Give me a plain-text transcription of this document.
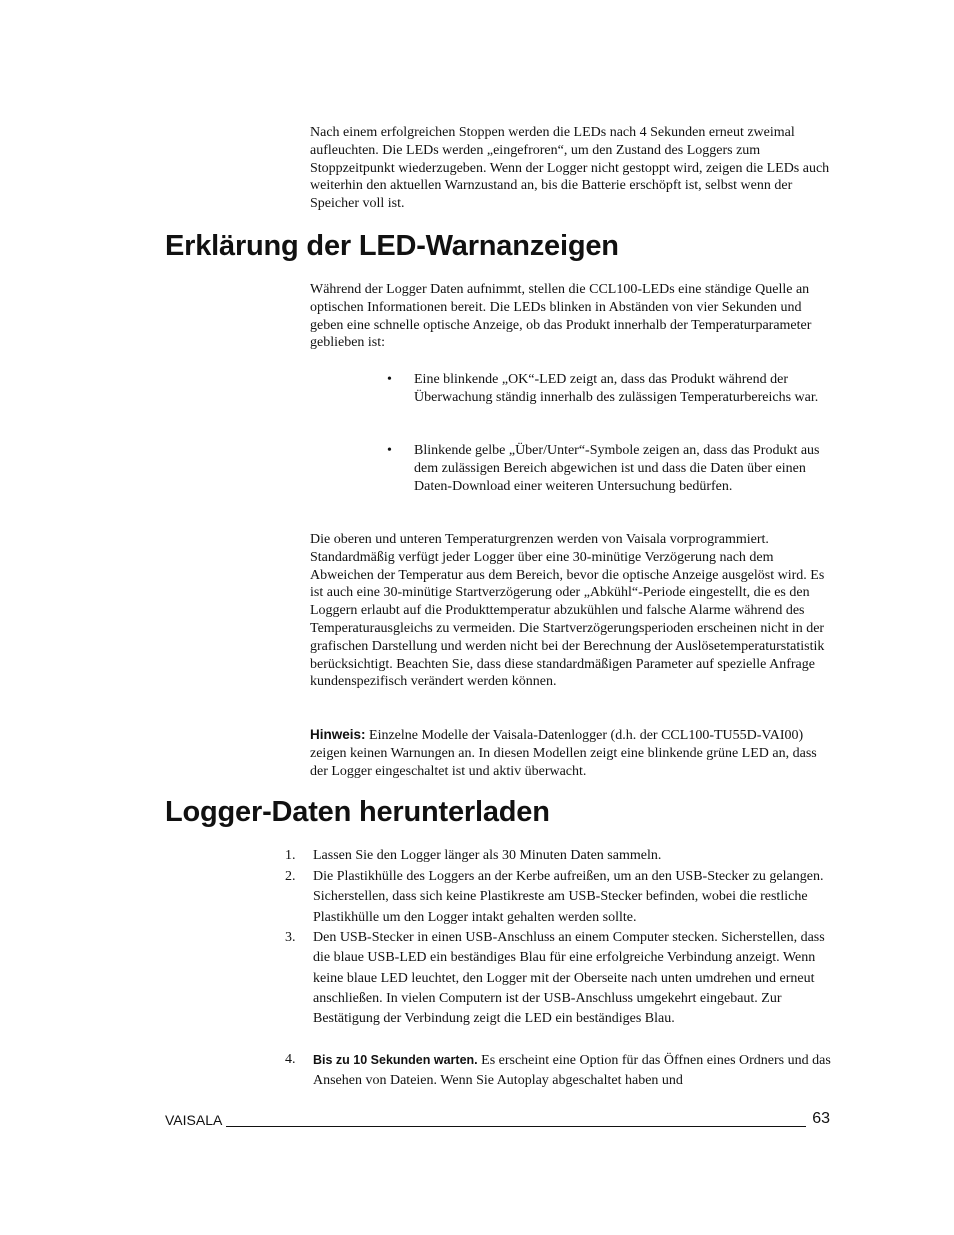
Nach einem erfolgreichen Stoppen werden die LEDs nach 4 Sekunden erneut zweimal aufleuchten. Die LEDs werden „eingefroren“, um den Zustand des Loggers zum Stoppzeitpunkt wiederzugeben. Wenn der Logger nicht gestoppt wird, zeigen die LEDs auch weiterhin den aktuellen Warnzustand an, bis die Batterie erschöpft ist, selbst wenn der Speicher voll ist.

Erklärung der LED-Warnanzeigen

Während der Logger Daten aufnimmt, stellen die CCL100-LEDs eine ständige Quelle an optischen Informationen bereit. Die LEDs blinken in Abständen von vier Sekunden und geben eine schnelle optische Anzeige, ob das Produkt innerhalb der Temperaturparameter geblieben ist:

• Eine blinkende „OK“-LED zeigt an, dass das Produkt während der Überwachung ständig innerhalb des zulässigen Temperaturbereichs war.
• Blinkende gelbe „Über/Unter“-Symbole zeigen an, dass das Produkt aus dem zulässigen Bereich abgewichen ist und dass die Daten über einen Daten-Download einer weiteren Untersuchung bedürfen.

Die oberen und unteren Temperaturgrenzen werden von Vaisala vorprogrammiert. Standardmäßig verfügt jeder Logger über eine 30-minütige Verzögerung nach dem Abweichen der Temperatur aus dem Bereich, bevor die optische Anzeige ausgelöst wird. Es ist auch eine 30-minütige Startverzögerung oder „Abkühl“-Periode eingestellt, die es den Loggern erlaubt auf die Produkttemperatur abzukühlen und falsche Alarme während des Temperaturausgleichs zu vermeiden. Die Startverzögerungsperioden erscheinen nicht in der grafischen Darstellung und werden nicht bei der Berechnung der Auslösetemperaturstatistik berücksichtigt. Beachten Sie, dass diese standardmäßigen Parameter auf spezielle Anfrage kundenspezifisch verändert werden können.

Hinweis: Einzelne Modelle der Vaisala-Datenlogger (d.h. der CCL100-TU55D-VAI00) zeigen keinen Warnungen an. In diesen Modellen zeigt eine blinkende grüne LED an, dass der Logger eingeschaltet ist und aktiv überwacht.

Logger-Daten herunterladen
1. Lassen Sie den Logger länger als 30 Minuten Daten sammeln.
2. Die Plastikhülle des Loggers an der Kerbe aufreißen, um an den USB-Stecker zu gelangen. Sicherstellen, dass sich keine Plastikreste am USB-Stecker befinden, wobei die restliche Plastikhülle um den Logger intakt gehalten werden sollte.
3. Den USB-Stecker in einen USB-Anschluss an einem Computer stecken. Sicherstellen, dass die blaue USB-LED ein beständiges Blau für eine erfolgreiche Verbindung anzeigt. Wenn keine blaue LED leuchtet, den Logger mit der Oberseite nach unten umdrehen und erneut anschließen. In vielen Computern ist der USB-Anschluss umgekehrt eingebaut. Zur Bestätigung der Verbindung zeigt die LED ein beständiges Blau.
4. Bis zu 10 Sekunden warten. Es erscheint eine Option für das Öffnen eines Ordners und das Ansehen von Dateien. Wenn Sie Autoplay abgeschaltet haben und
VAISALA	63
